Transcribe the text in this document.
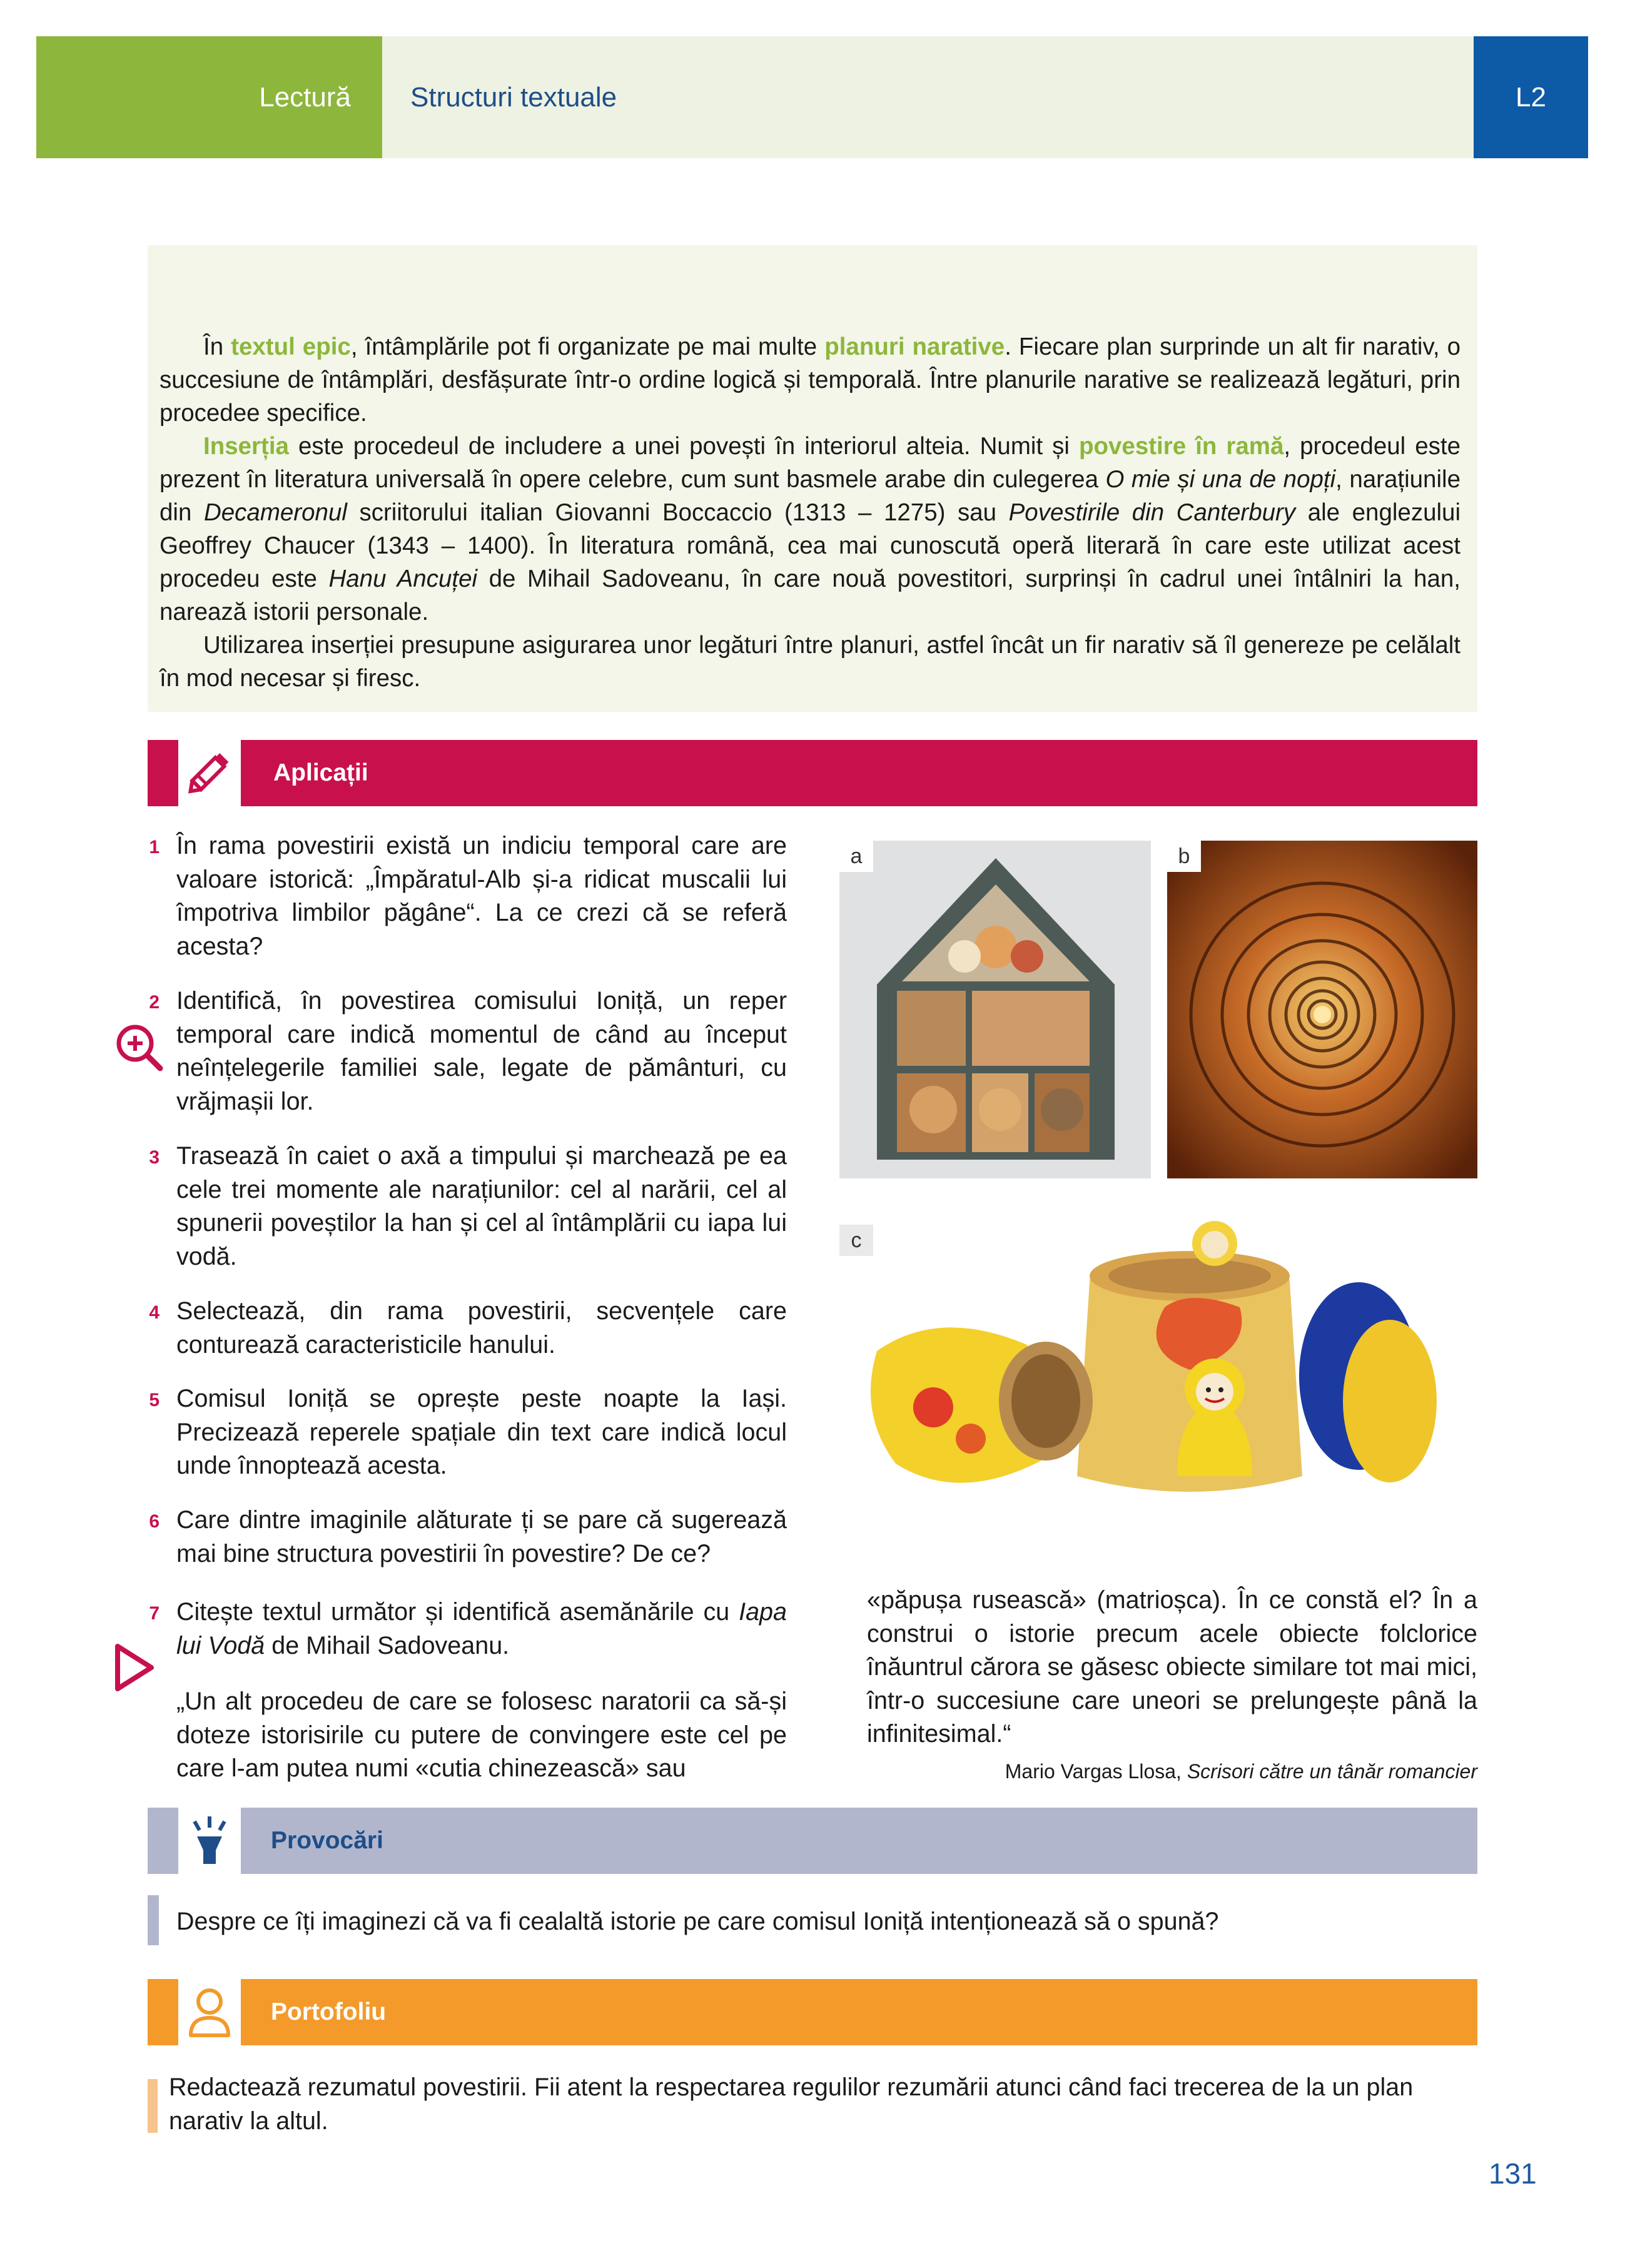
Lectură	Structuri textuale	L2

În textul epic, întâmplările pot fi organizate pe mai multe planuri narative. Fiecare plan surprinde un alt fir narativ, o succesiune de întâmplări, desfășurate într-o ordine logică și temporală. Între planurile narative se realizează legături, prin procedee specifice.

Inserția este procedeul de includere a unei povești în interiorul alteia. Numit și povestire în ramă, procedeul este prezent în literatura universală în opere celebre, cum sunt basmele arabe din culegerea O mie și una de nopți, narațiunile din Decameronul scriitorului italian Giovanni Boccaccio (1313 – 1275) sau Povestirile din Canterbury ale englezului Geoffrey Chaucer (1343 – 1400). În literatura română, cea mai cunoscută operă literară în care este utilizat acest procedeu este Hanu Ancuței de Mihail Sadoveanu, în care nouă povestitori, surprinși în cadrul unei întâlniri la han, narează istorii personale.

Utilizarea inserției presupune asigurarea unor legături între planuri, astfel încât un fir narativ să îl genereze pe celălalt în mod necesar și firesc.

Aplicații
1 În rama povestirii există un indiciu temporal care are valoare istorică: „Împăratul-Alb și-a ridicat muscalii lui împotriva limbilor păgâne“. La ce crezi că se referă acesta?
2 Identifică, în povestirea comisului Ioniță, un reper temporal care indică momentul de când au început neînțelegerile familiei sale, legate de pământuri, cu vrăjmașii lor.
3 Trasează în caiet o axă a timpului și marchează pe ea cele trei momente ale narațiunilor: cel al narării, cel al spunerii poveștilor la han și cel al întâmplării cu iapa lui vodă.
4 Selectează, din rama povestirii, secvențele care conturează caracteristicile hanului.
5 Comisul Ioniță se oprește peste noapte la Iași. Precizează reperele spațiale din text care indică locul unde înnoptează acesta.
6 Care dintre imaginile alăturate ți se pare că sugerează mai bine structura povestirii în povestire? De ce?
7 Citește textul următor și identifică asemănările cu Iapa lui Vodă de Mihail Sadoveanu.
„Un alt procedeu de care se folosesc naratorii ca să-și doteze istorisirile cu putere de convingere este cel pe care l-am putea numi «cutia chinezească» sau
«păpușa rusească» (matrioșca). În ce constă el? În a construi o istorie precum acele obiecte folclorice înăuntrul cărora se găsesc obiecte similare tot mai mici, într-o succesiune care uneori se prelungește până la infinitesimal.“
Mario Vargas Llosa, Scrisori către un tânăr romancier
a	b
c
Provocări
Despre ce îți imaginezi că va fi cealaltă istorie pe care comisul Ioniță intenționează să o spună?
Portofoliu
Redactează rezumatul povestirii. Fii atent la respectarea regulilor rezumării atunci când faci trecerea de la un plan narativ la altul.
131
